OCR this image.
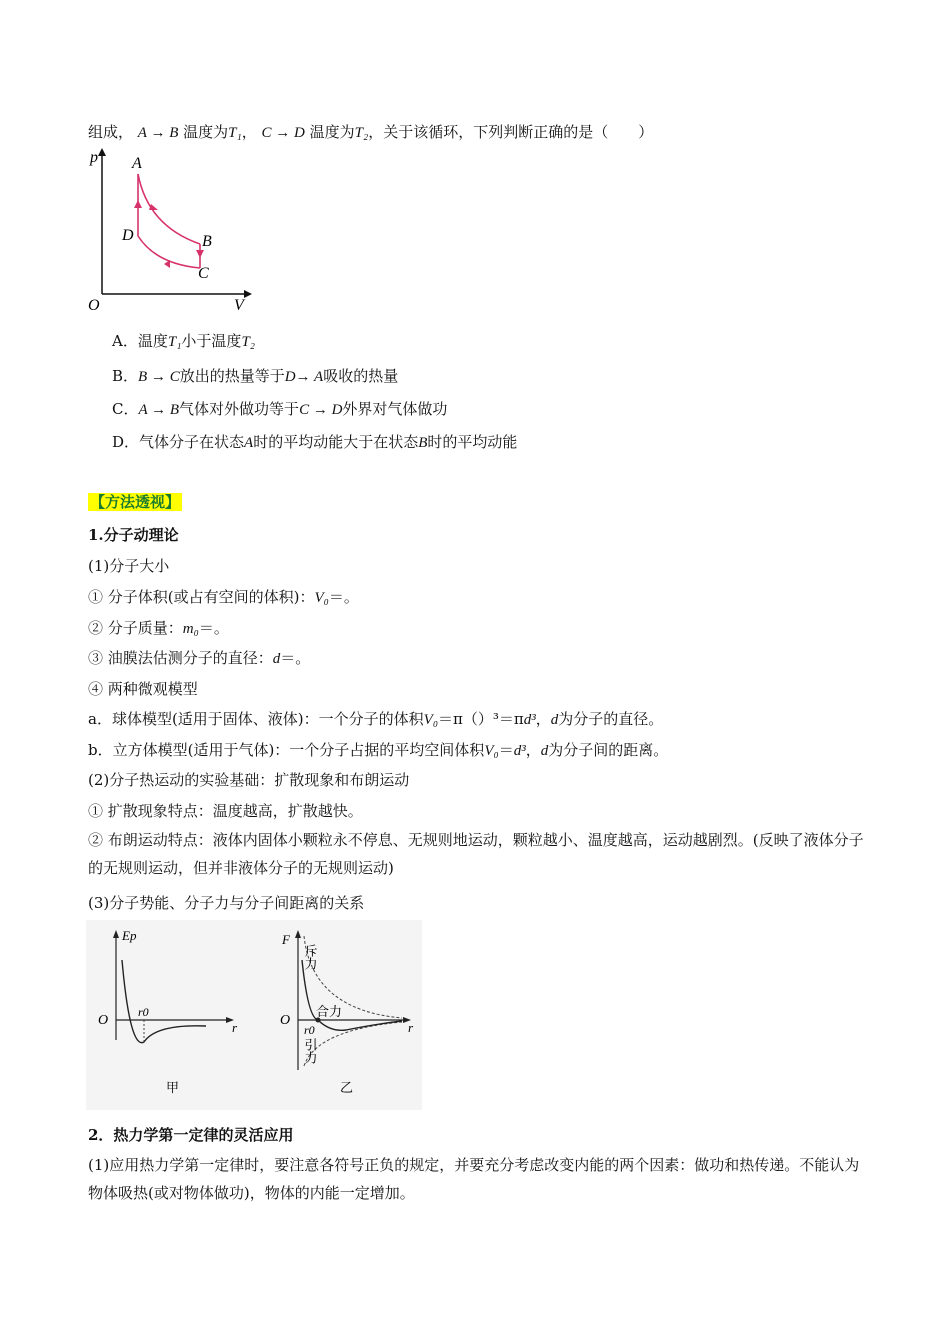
组成， A → B 温度为T₁， C → D 温度为T₂，关于该循环，下列判断正确的是（　　）
p
V
O
A
B
C
D
A．温度T₁小于温度T₂
B．B → C放出的热量等于D→ A吸收的热量
C．A → B气体对外做功等于C → D外界对气体做功
D．气体分子在状态A时的平均动能大于在状态B时的平均动能
【方法透视】
1.分子动理论
(1)分子大小
① 分子体积(或占有空间的体积)：V₀＝。
② 分子质量：m₀＝。
③ 油膜法估测分子的直径：d＝。
④ 两种微观模型
a．球体模型(适用于固体、液体)：一个分子的体积V₀＝π（）³＝πd³，d为分子的直径。
b．立方体模型(适用于气体)：一个分子占据的平均空间体积V₀＝d³，d为分子间的距离。
(2)分子热运动的实验基础：扩散现象和布朗运动
① 扩散现象特点：温度越高，扩散越快。
② 布朗运动特点：液体内固体小颗粒永不停息、无规则地运动，颗粒越小、温度越高，运动越剧烈。(反映了液体分子的无规则运动，但并非液体分子的无规则运动)
(3)分子势能、分子力与分子间距离的关系
Ep
r
O
r0
甲
F
r
O
r0
斥力
合力
引力
乙
2．热力学第一定律的灵活应用
(1)应用热力学第一定律时，要注意各符号正负的规定，并要充分考虑改变内能的两个因素：做功和热传递。不能认为物体吸热(或对物体做功)，物体的内能一定增加。
